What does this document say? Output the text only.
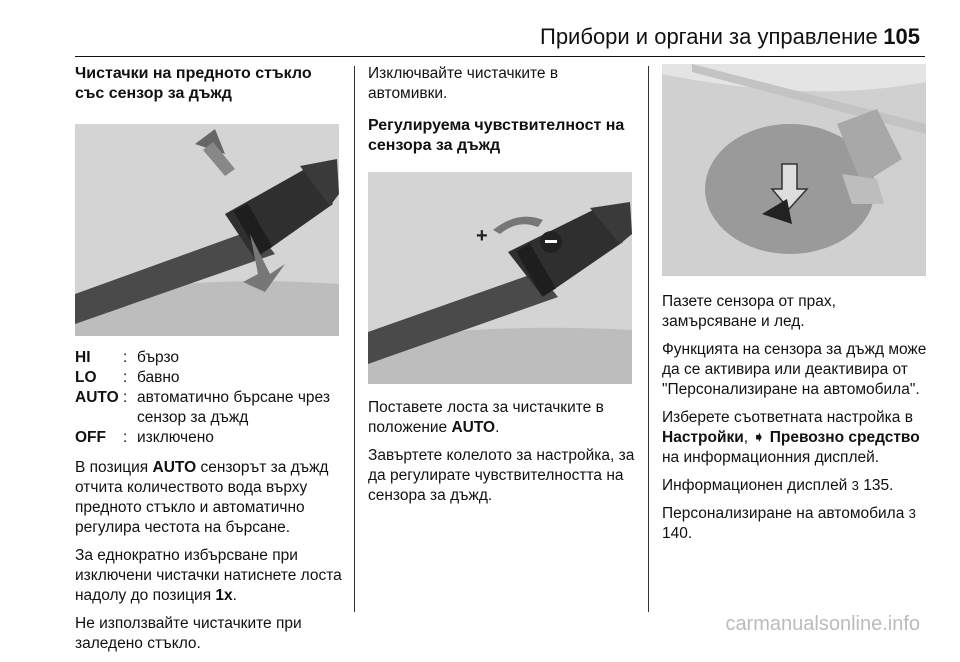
Прибори и органи за управление 105
Чистачки на предното стъкло със сензор за дъжд
HI	:	бързо
LO	:	бавно
AUTO	:	автоматично бърсане чрез сензор за дъжд
OFF	:	изключено

В позиция AUTO сензорът за дъжд отчита количеството вода върху предното стъкло и автоматично регулира честота на бърсане.

За еднократно избърсване при изключени чистачки натиснете лоста надолу до позиция 1x.

Не използвайте чистачките при заледено стъкло.

Изключвайте чистачките в автомивки.

Регулируема чувствителност на сензора за дъжд
+

Поставете лоста за чистачките в положение AUTO.

Завъртете колелото за настройка, за да регулирате чувствителността на сензора за дъжд.

Пазете сензора от прах, замърсяване и лед.

Функцията на сензора за дъжд може да се активира или деактивира от "Персонализиране на автомобила".

Изберете съответната настройка в Настройки, ➧ Превозно средство на информационния дисплей.

Информационен дисплей 3 135.

Персонализиране на автомобила 3 140.

carmanualsonline.info
